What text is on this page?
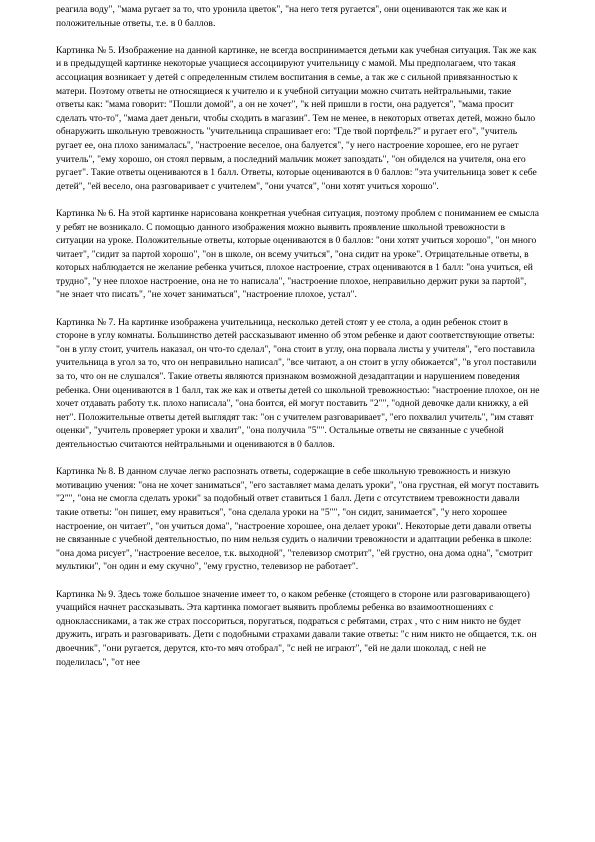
реагила воду", "мама ругает за то, что уронила цветок", "на него тетя ругается", они оцениваются так же как и положительные ответы, т.е. в 0 баллов.

Картинка № 5. Изображение на данной картинке, не всегда воспринимается детьми как учебная ситуация. Так же как и в предыдущей картинке некоторые учащиеся ассоциируют учительницу с мамой. Мы предполагаем, что такая ассоциация возникает у детей с определенным стилем воспитания в семье, а так же с сильной привязанностью к матери. Поэтому ответы не относящиеся к учителю и к учебной ситуации можно считать нейтральными, такие ответы как: "мама говорит: "Пошли домой", а он не хочет", "к ней пришли в гости, она радуется", "мама просит сделать что-то", "мама дает деньги, чтобы сходить в магазин". Тем не менее, в некоторых ответах детей, можно было обнаружить школьную тревожность "учительница спрашивает его: "Где твой портфель?" и ругает его", "учитель ругает ее, она плохо занималась", "настроение веселое, она балуется", "у него настроение хорошее, его не ругает учитель", "ему хорошо, он стоял первым, а последний мальчик может запоздать", "он обиделся на учителя, она его ругает". Такие ответы оцениваются в 1 балл. Ответы, которые оцениваются в 0 баллов: "эта учительница зовет к себе детей", "ей весело, она разговаривает с учителем", "они учатся", "они хотят учиться хорошо".

Картинка № 6. На этой картинке нарисована конкретная учебная ситуация, поэтому проблем с пониманием ее смысла у ребят не возникало. С помощью данного изображения можно выявить проявление школьной тревожности в ситуации на уроке. Положительные ответы, которые оцениваются в 0 баллов: "они хотят учиться хорошо", "он много читает", "сидит за партой хорошо", "он в школе, он всему учиться", "она сидит на уроке". Отрицательные ответы, в которых наблюдается не желание ребенка учиться, плохое настроение, страх оцениваются в 1 балл: "она учиться, ей трудно", "у нее плохое настроение, она не то написала", "настроение плохое, неправильно держит руки за партой", "не знает что писать", "не хочет заниматься", "настроение плохое, устал".

Картинка № 7. На картинке изображена учительница, несколько детей стоят у ее стола, а один ребенок стоит в стороне в углу комнаты. Большинство детей рассказывают именно об этом ребенке и дают соответствующие ответы: "он в углу стоит, учитель наказал, он что-то сделал", "она стоит в углу, она порвала листы у учителя", "его поставила учительница в угол за то, что он неправильно написал", "все читают, а он стоит в углу обижается", "в угол поставили за то, что он не слушался". Такие ответы являются признаком возможной дезадаптации и нарушением поведения ребенка. Они оцениваются в 1 балл, так же как и ответы детей со школьной тревожностью: "настроение плохое, он не хочет отдавать работу т.к. плохо написала", "она боится, ей могут поставить "2"", "одной девочке дали книжку, а ей нет". Положительные ответы детей выглядят так: "он с учителем разговаривает", "его похвалил учитель", "им ставят оценки", "учитель проверяет уроки и хвалит", "она получила "5"". Остальные ответы не связанные с учебной деятельностью считаются нейтральными и оцениваются в 0 баллов.

Картинка № 8. В данном случае легко распознать ответы, содержащие в себе школьную тревожность и низкую мотивацию учения: "она не хочет заниматься", "его заставляет мама делать уроки", "она грустная, ей могут поставить "2"", "она не смогла сделать уроки" за подобный ответ ставиться 1 балл. Дети с отсутствием тревожности давали такие ответы: "он пишет, ему нравиться", "она сделала уроки на "5"", "он сидит, занимается", "у него хорошее настроение, он читает", "он учиться дома", "настроение хорошее, она делает уроки". Некоторые дети давали ответы не связанные с учебной деятельностью, по ним нельзя судить о наличии тревожности и адаптации ребенка в школе: "она дома рисует", "настроение веселое, т.к. выходной", "телевизор смотрит", "ей грустно, она дома одна", "смотрит мультики", "он один и ему скучно", "ему грустно, телевизор не работает".

Картинка № 9. Здесь тоже большое значение имеет то, о каком ребенке (стоящего в стороне или разговаривающего) учащийся начнет рассказывать. Эта картинка помогает выявить проблемы ребенка во взаимоотношениях с одноклассниками, а так же страх поссориться, поругаться, подраться с ребятами, страх , что с ним никто не будет дружить, играть и разговаривать. Дети с подобными страхами давали такие ответы: "с ним никто не общается, т.к. он двоечник", "они ругается, дерутся, кто-то мяч отобрал", "с ней не играют", "ей не дали шоколад, с ней не поделилась", "от нее
